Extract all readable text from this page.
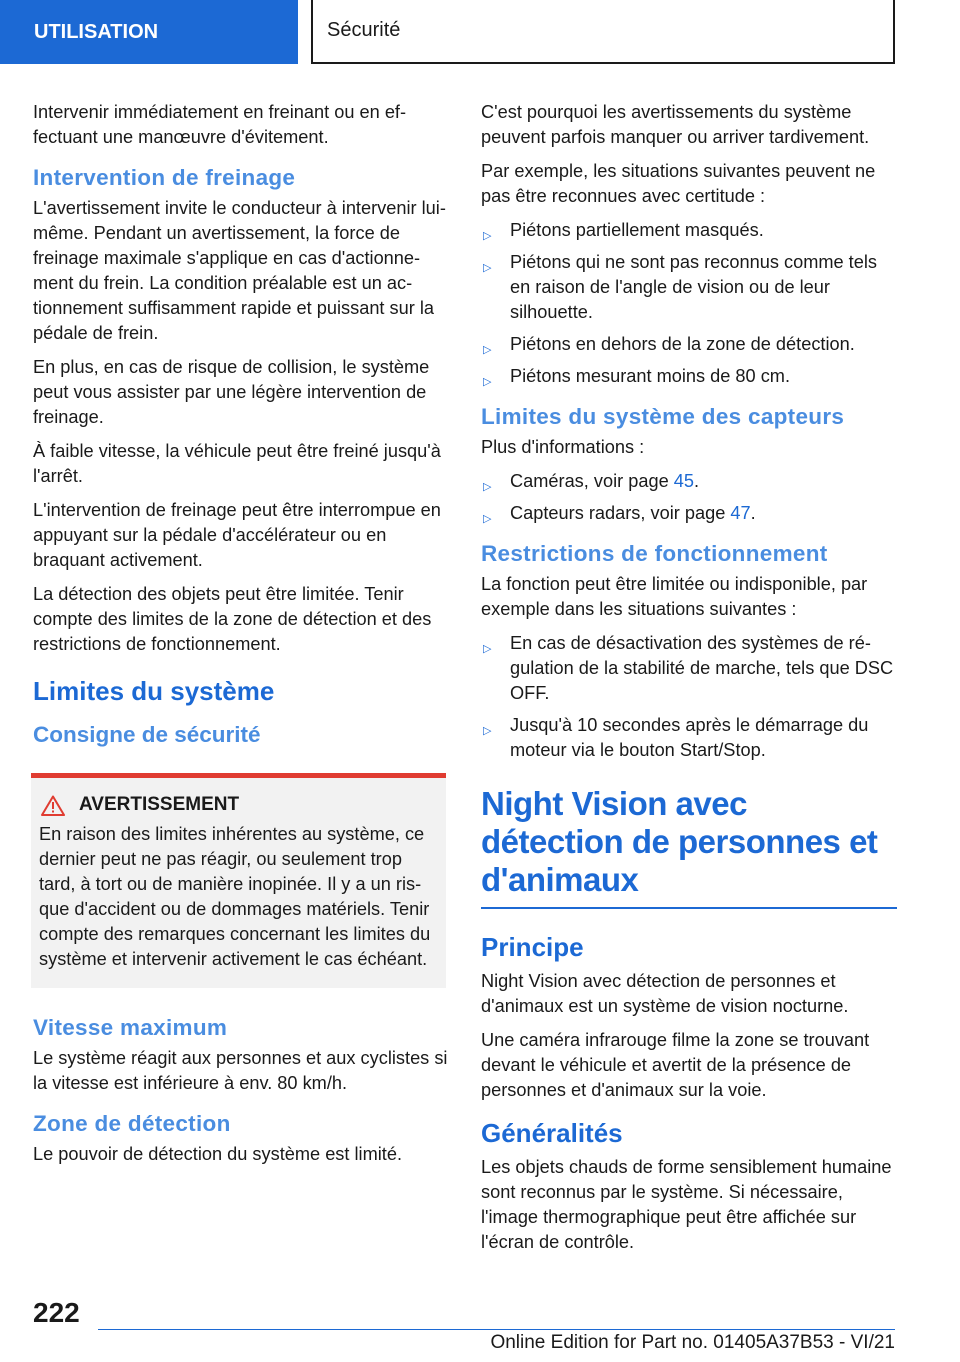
UTILISATION	Sécurité

Intervenir immédiatement en freinant ou en effectuant une manœuvre d'évitement.

Intervention de freinage

L'avertissement invite le conducteur à intervenir lui-même. Pendant un avertissement, la force de freinage maximale s'applique en cas d'actionnement du frein. La condition préalable est un actionnement suffisamment rapide et puissant sur la pédale de frein.

En plus, en cas de risque de collision, le système peut vous assister par une légère intervention de freinage.

À faible vitesse, la véhicule peut être freiné jusqu'à l'arrêt.

L'intervention de freinage peut être interrompue en appuyant sur la pédale d'accélérateur ou en braquant activement.

La détection des objets peut être limitée. Tenir compte des limites de la zone de détection et des restrictions de fonctionnement.

Limites du système
Consigne de sécurité
AVERTISSEMENT

En raison des limites inhérentes au système, ce dernier peut ne pas réagir, ou seulement trop tard, à tort ou de manière inopinée. Il y a un risque d'accident ou de dommages matériels. Tenir compte des remarques concernant les limites du système et intervenir activement le cas échéant.

Vitesse maximum

Le système réagit aux personnes et aux cyclistes si la vitesse est inférieure à env. 80 km/h.

Zone de détection

Le pouvoir de détection du système est limité.

C'est pourquoi les avertissements du système peuvent parfois manquer ou arriver tardivement.

Par exemple, les situations suivantes peuvent ne pas être reconnues avec certitude :

▷ Piétons partiellement masqués.
▷ Piétons qui ne sont pas reconnus comme tels en raison de l'angle de vision ou de leur silhouette.
▷ Piétons en dehors de la zone de détection.
▷ Piétons mesurant moins de 80 cm.
Limites du système des capteurs

Plus d'informations :

▷ Caméras, voir page 45.
▷ Capteurs radars, voir page 47.
Restrictions de fonctionnement

La fonction peut être limitée ou indisponible, par exemple dans les situations suivantes :

▷ En cas de désactivation des systèmes de régulation de la stabilité de marche, tels que DSC OFF.
▷ Jusqu'à 10 secondes après le démarrage du moteur via le bouton Start/Stop.
Night Vision avec détection de personnes et d'animaux
Principe

Night Vision avec détection de personnes et d'animaux est un système de vision nocturne.

Une caméra infrarouge filme la zone se trouvant devant le véhicule et avertit de la présence de personnes et d'animaux sur la voie.

Généralités

Les objets chauds de forme sensiblement humaine sont reconnus par le système. Si nécessaire, l'image thermographique peut être affichée sur l'écran de contrôle.

222
Online Edition for Part no. 01405A37B53 - VI/21
